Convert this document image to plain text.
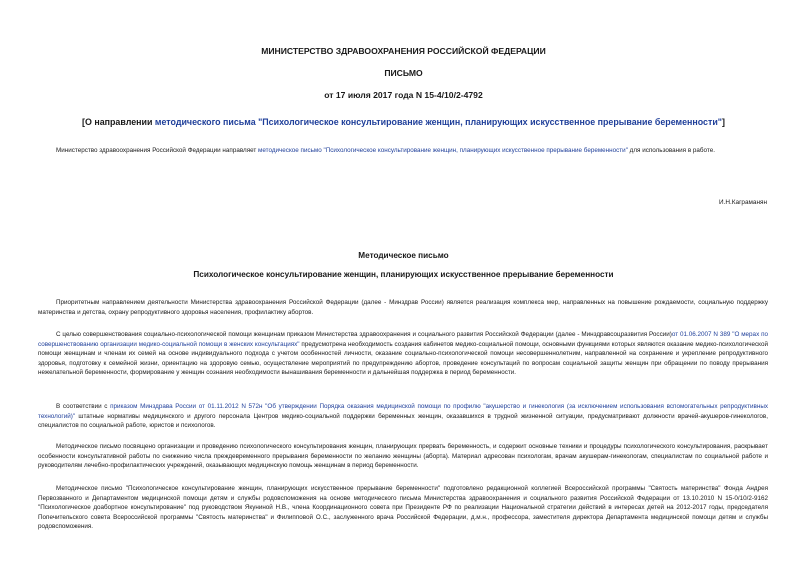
МИНИСТЕРСТВО ЗДРАВООХРАНЕНИЯ РОССИЙСКОЙ ФЕДЕРАЦИИ
ПИСЬМО
от 17 июля 2017 года N 15-4/10/2-4792
[О направлении методического письма "Психологическое консультирование женщин, планирующих искусственное прерывание беременности"]

Министерство здравоохранения Российской Федерации направляет методическое письмо "Психологическое консультирование женщин, планирующих искусственное прерывание беременности" для использования в работе.

И.Н.Каграманян
Методическое письмо
Психологическое консультирование женщин, планирующих искусственное прерывание беременности

Приоритетным направлением деятельности Министерства здравоохранения Российской Федерации (далее - Минздрав России) является реализация комплекса мер, направленных на повышение рождаемости, социальную поддержку материнства и детства, охрану репродуктивного здоровья населения, профилактику абортов.

С целью совершенствования социально-психологической помощи женщинам приказом Министерства здравоохранения и социального развития Российской Федерации (далее - Минздравсоцразвития России)от 01.06.2007 N 389 "О мерах по совершенствованию организации медико-социальной помощи в женских консультациях" предусмотрена необходимость создания кабинетов медико-социальной помощи, основными функциями которых являются оказание медико-психологической помощи женщинам и членам их семей на основе индивидуального подхода с учетом особенностей личности, оказание социально-психологической помощи несовершеннолетним, направленной на сохранение и укрепление репродуктивного здоровья, подготовку к семейной жизни, ориентацию на здоровую семью, осуществление мероприятий по предупреждению абортов, проведение консультаций по вопросам социальной защиты женщин при обращении по поводу прерывания нежелательной беременности, формирование у женщин сознания необходимости вынашивания беременности и дальнейшая поддержка в период беременности.

В соответствии с приказом Минздрава России от 01.11.2012 N 572н "Об утверждении Порядка оказания медицинской помощи по профилю "акушерство и гинекология (за исключением использования вспомогательных репродуктивных технологий)" штатные нормативы медицинского и другого персонала Центров медико-социальной поддержки беременных женщин, оказавшихся в трудной жизненной ситуации, предусматривают должности врачей-акушеров-гинекологов, специалистов по социальной работе, юристов и психологов.

Методическое письмо посвящено организации и проведению психологического консультирования женщин, планирующих прервать беременность, и содержит основные техники и процедуры психологического консультирования, раскрывает особенности консультативной работы по снижению числа преждевременного прерывания беременности по желанию женщины (аборта). Материал адресован психологам, врачам акушерам-гинекологам, специалистам по социальной работе и руководителям лечебно-профилактических учреждений, оказывающих медицинскую помощь женщинам в период беременности.

Методическое письмо "Психологическое консультирование женщин, планирующих искусственное прерывание беременности" подготовлено редакционной коллегией Всероссийской программы "Святость материнства" Фонда Андрея Первозванного и Департаментом медицинской помощи детям и службы родовспоможения на основе методического письма Министерства здравоохранения и социального развития Российской Федерации от 13.10.2010 N 15-0/10/2-9162 "Психологическое доабортное консультирование" под руководством Якуниной Н.В., члена Координационного совета при Президенте РФ по реализации Национальной стратегии действий в интересах детей на 2012-2017 годы, председателя Попечительского совета Всероссийской программы "Святость материнства" и Филипповой О.С., заслуженного врача Российской Федерации, д.м.н., профессора, заместителя директора Департамента медицинской помощи детям и службы родовспоможения.
